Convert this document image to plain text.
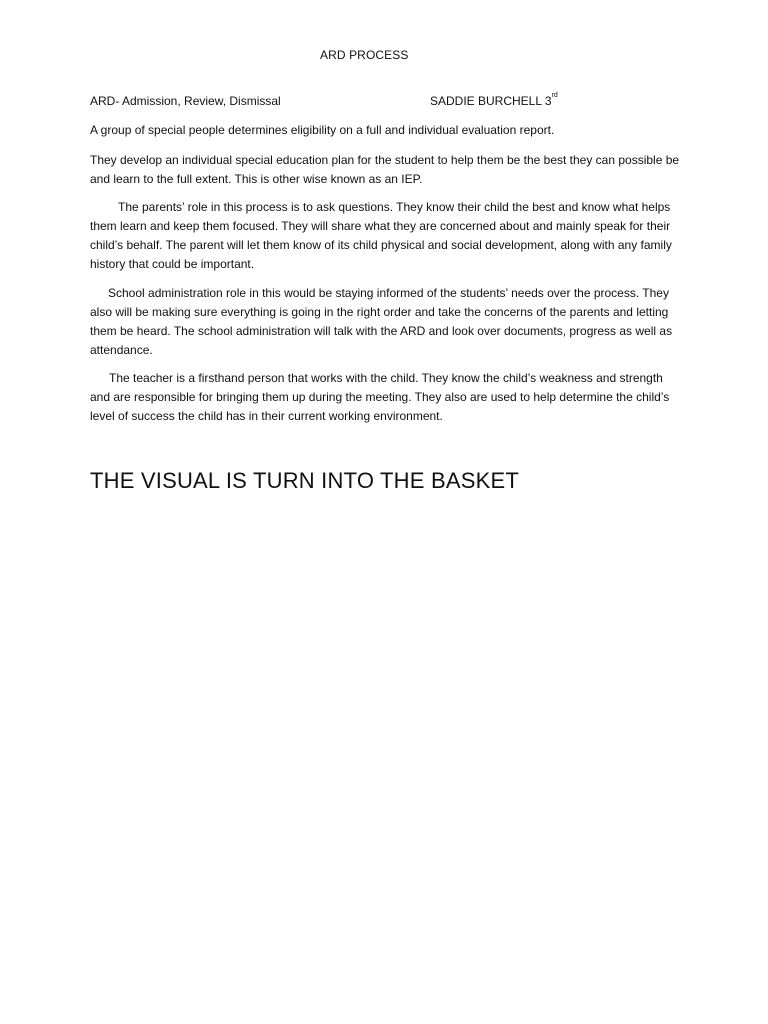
ARD PROCESS
ARD- Admission, Review, Dismissal	SADDIE BURCHELL 3rd

A group of special people determines eligibility on a full and individual evaluation report.

They develop an individual special education plan for the student to help them be the best they can possible be and learn to the full extent. This is other wise known as an IEP.

The parents’ role in this process is to ask questions. They know their child the best and know what helps them learn and keep them focused. They will share what they are concerned about and mainly speak for their child’s behalf. The parent will let them know of its child physical and social development, along with any family history that could be important.

School administration role in this would be staying informed of the students’ needs over the process. They also will be making sure everything is going in the right order and take the concerns of the parents and letting them be heard. The school administration will talk with the ARD and look over documents, progress as well as attendance.

The teacher is a firsthand person that works with the child. They know the child’s weakness and strength and are responsible for bringing them up during the meeting. They also are used to help determine the child’s level of success the child has in their current working environment.

THE VISUAL IS TURN INTO THE BASKET
